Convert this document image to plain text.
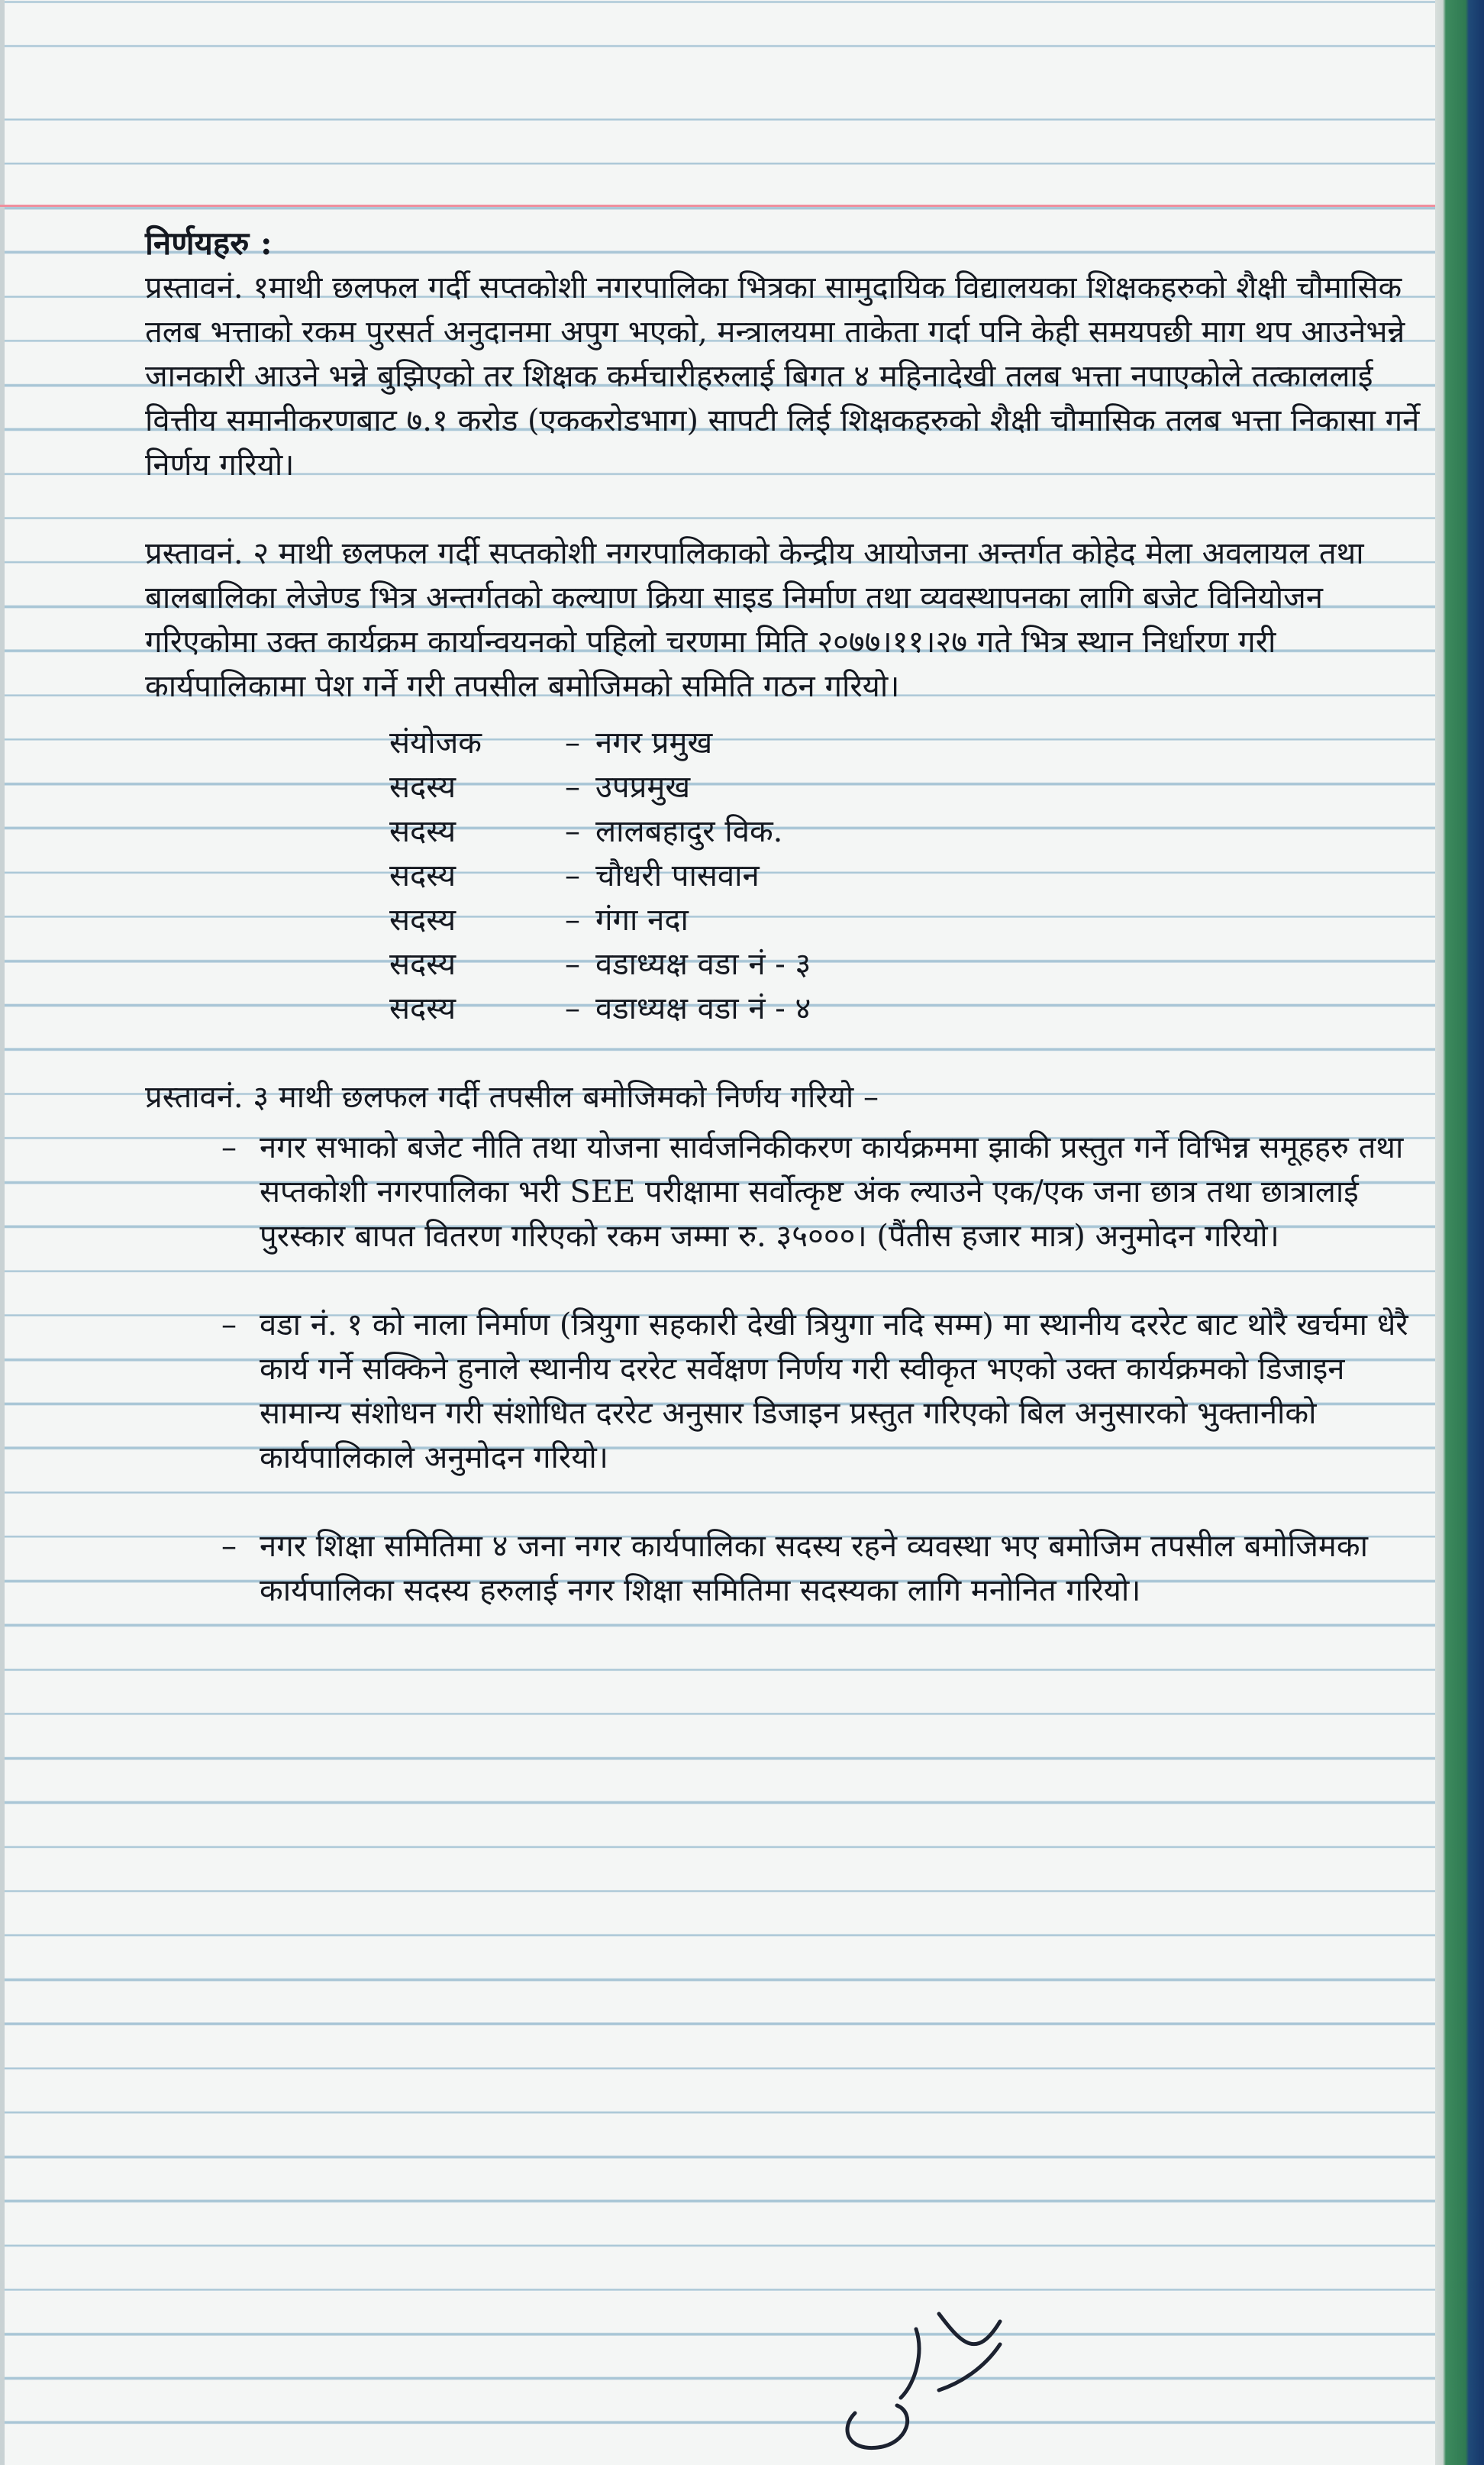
निर्णयहरु :

प्रस्तावनं. १माथी छलफल गर्दी सप्तकोशी नगरपालिका भित्रका सामुदायिक विद्यालयका शिक्षकहरुको शैक्षी चौमासिक तलब भत्ताको रकम पुरसर्त अनुदानमा अपुग भएको, मन्त्रालयमा ताकेता गर्दा पनि केही समयपछी माग थप आउनेभन्ने जानकारी आउने भन्ने बुझिएको तर शिक्षक कर्मचारीहरुलाई बिगत ४ महिनादेखी तलब भत्ता नपाएकोले तत्काललाई वित्तीय समानीकरणबाट ७.१ करोड (एककरोडभाग) सापटी लिई शिक्षकहरुको शैक्षी चौमासिक तलब भत्ता निकासा गर्ने निर्णय गरियो।

प्रस्तावनं. २ माथी छलफल गर्दी सप्तकोशी नगरपालिकाको केन्द्रीय आयोजना अन्तर्गत कोहेद मेला अवलायल तथा बालबालिका लेजेण्ड भित्र अन्तर्गतको कल्याण क्रिया साइड निर्माण तथा व्यवस्थापनका लागि बजेट विनियोजन गरिएकोमा उक्त कार्यक्रम कार्यान्वयनको पहिलो चरणमा मिति २०७७।११।२७ गते भित्र स्थान निर्धारण गरी कार्यपालिकामा पेश गर्ने गरी तपसील बमोजिमको समिति गठन गरियो।

संयोजक	– नगर प्रमुख
सदस्य	– उपप्रमुख
सदस्य	– लालबहादुर विक.
सदस्य	– चौधरी पासवान
सदस्य	– गंगा नदा
सदस्य	– वडाध्यक्ष वडा नं - ३
सदस्य	– वडाध्यक्ष वडा नं - ४

प्रस्तावनं. ३ माथी छलफल गर्दी तपसील बमोजिमको निर्णय गरियो –

– नगर सभाको बजेट नीति तथा योजना सार्वजनिकीकरण कार्यक्रममा झाकी प्रस्तुत गर्ने विभिन्न समूहहरु तथा सप्तकोशी नगरपालिका भरी SEE परीक्षामा सर्वोत्कृष्ट अंक ल्याउने एक/एक जना छात्र तथा छात्रालाई पुरस्कार बापत वितरण गरिएको रकम जम्मा रु. ३५०००। (पैंतीस हजार मात्र) अनुमोदन गरियो।
– वडा नं. १ को नाला निर्माण (त्रियुगा सहकारी देखी त्रियुगा नदि सम्म) मा स्थानीय दररेट बाट थोरै खर्चमा धेरै कार्य गर्ने सक्किने हुनाले स्थानीय दररेट सर्वेक्षण निर्णय गरी स्वीकृत भएको उक्त कार्यक्रमको डिजाइन सामान्य संशोधन गरी संशोधित दररेट अनुसार डिजाइन प्रस्तुत गरिएको बिल अनुसारको भुक्तानीको कार्यपालिकाले अनुमोदन गरियो।
– नगर शिक्षा समितिमा ४ जना नगर कार्यपालिका सदस्य रहने व्यवस्था भए बमोजिम तपसील बमोजिमका कार्यपालिका सदस्य हरुलाई नगर शिक्षा समितिमा सदस्यका लागि मनोनित गरियो।
